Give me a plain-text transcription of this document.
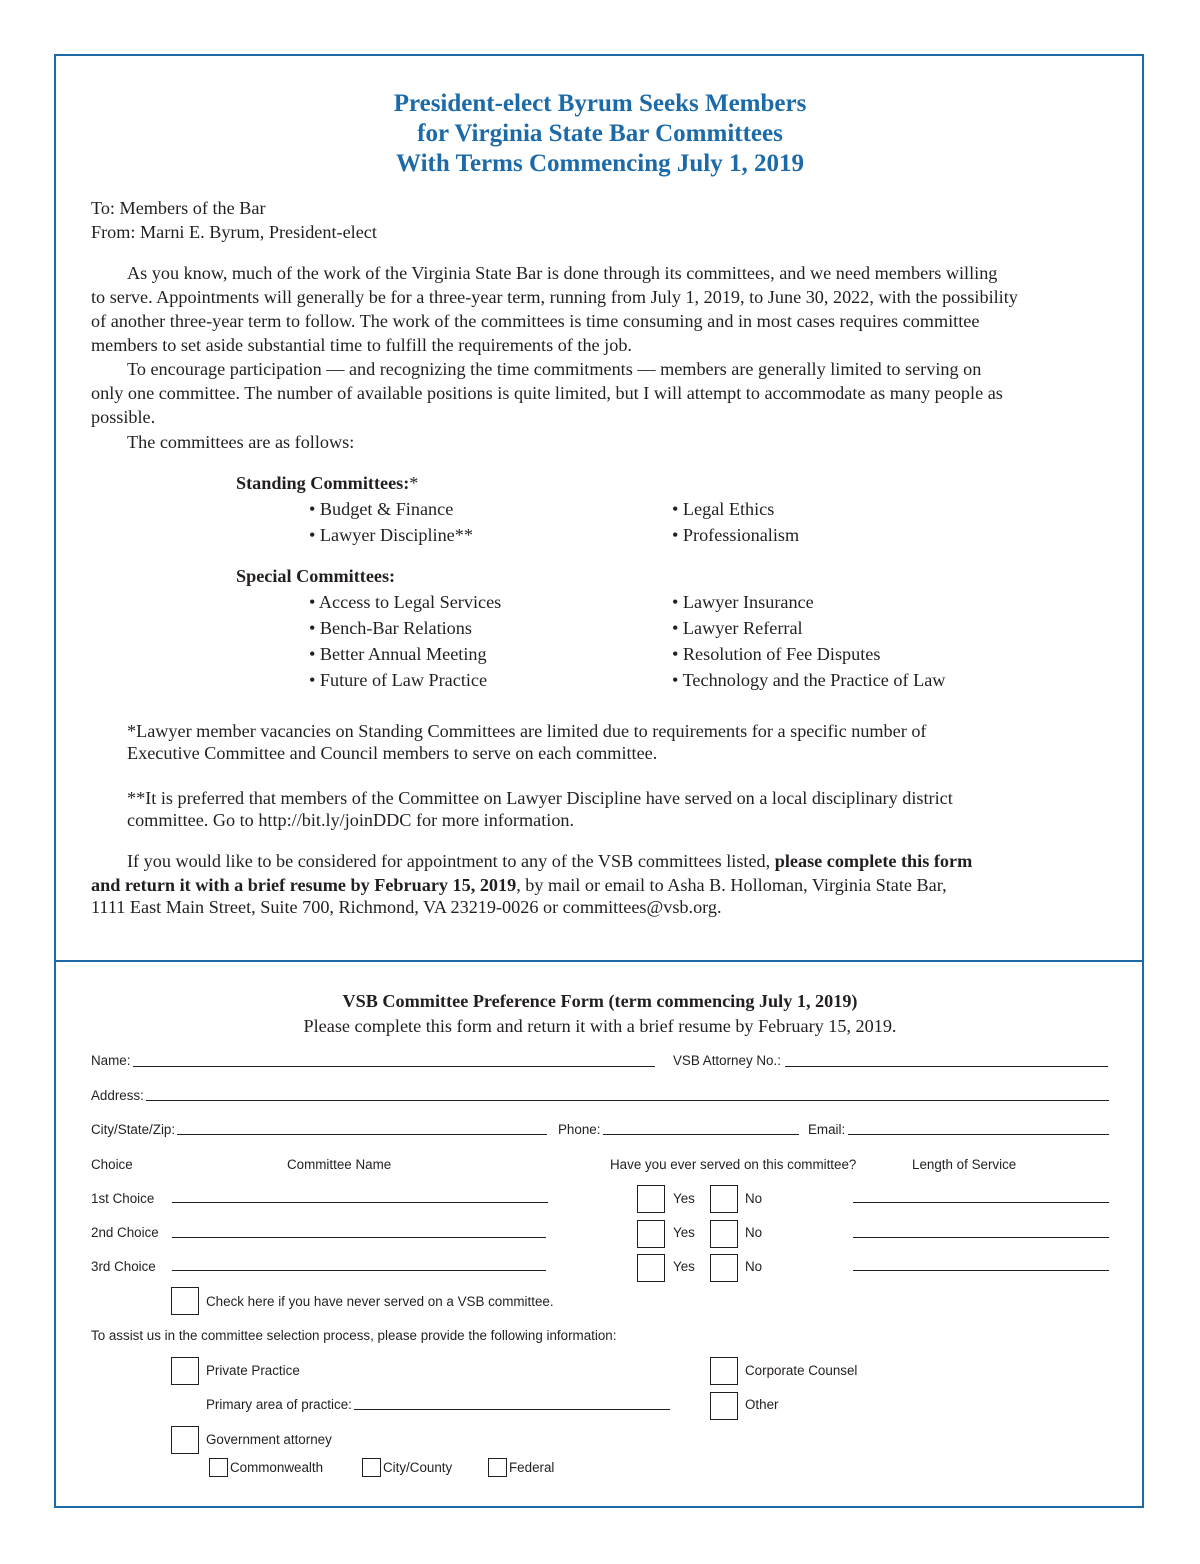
President-elect Byrum Seeks Members
for Virginia State Bar Committees
With Terms Commencing July 1, 2019
To: Members of the Bar
From: Marni E. Byrum, President-elect
As you know, much of the work of the Virginia State Bar is done through its committees, and we need members willing
to serve. Appointments will generally be for a three-year term, running from July 1, 2019, to June 30, 2022, with the possibility
of another three-year term to follow. The work of the committees is time consuming and in most cases requires committee
members to set aside substantial time to fulfill the requirements of the job.
To encourage participation — and recognizing the time commitments — members are generally limited to serving on
only one committee. The number of available positions is quite limited, but I will attempt to accommodate as many people as
possible.
The committees are as follows:
Standing Committees:*
• Budget & Finance
• Lawyer Discipline**
• Legal Ethics
• Professionalism
Special Committees:
• Access to Legal Services
• Bench-Bar Relations
• Better Annual Meeting
• Future of Law Practice
• Lawyer Insurance
• Lawyer Referral
• Resolution of Fee Disputes
• Technology and the Practice of Law
*Lawyer member vacancies on Standing Committees are limited due to requirements for a specific number of
Executive Committee and Council members to serve on each committee.
**It is preferred that members of the Committee on Lawyer Discipline have served on a local disciplinary district
committee. Go to http://bit.ly/joinDDC for more information.
If you would like to be considered for appointment to any of the VSB committees listed, please complete this form
and return it with a brief resume by February 15, 2019, by mail or email to Asha B. Holloman, Virginia State Bar,
1111 East Main Street, Suite 700, Richmond, VA 23219-0026 or committees@vsb.org.
VSB Committee Preference Form (term commencing July 1, 2019)
Please complete this form and return it with a brief resume by February 15, 2019.
Name:	VSB Attorney No.:
Address:
City/State/Zip:	Phone:	Email:
Choice	Committee Name	Have you ever served on this committee?	Length of Service
1st Choice	Yes	No
2nd Choice	Yes	No
3rd Choice	Yes	No
Check here if you have never served on a VSB committee.
To assist us in the committee selection process, please provide the following information:
Private Practice	Corporate Counsel
Primary area of practice:	Other
Government attorney
Commonwealth	City/County	Federal
